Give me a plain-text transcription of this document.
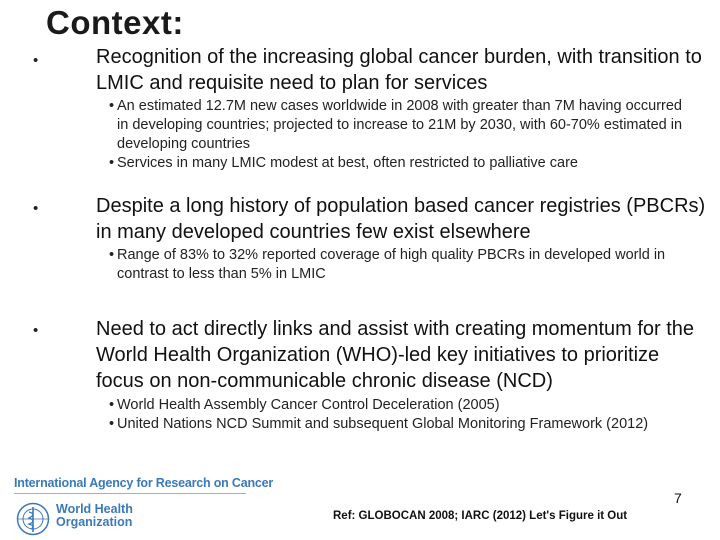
Context:
•	Recognition of the increasing global cancer burden, with transition to LMIC and requisite need to plan for services
• An estimated 12.7M new cases worldwide in 2008 with greater than 7M having occurred in developing countries; projected to increase to 21M by 2030, with 60-70% estimated in developing countries
• Services in many LMIC modest at best, often restricted to palliative care
•	Despite a long history of population based cancer registries (PBCRs) in many developed countries few exist elsewhere
• Range of 83% to 32% reported coverage of high quality PBCRs in developed world in contrast to less than 5% in LMIC
•	Need to act directly links and assist with creating momentum for the World Health Organization (WHO)-led key initiatives to prioritize focus on non-communicable chronic disease (NCD)
• World Health Assembly Cancer Control Deceleration (2005)
• United Nations NCD Summit and subsequent Global Monitoring Framework (2012)
International Agency for Research on Cancer
World Health
Organization
7
Ref: GLOBOCAN 2008; IARC (2012) Let's Figure it Out
